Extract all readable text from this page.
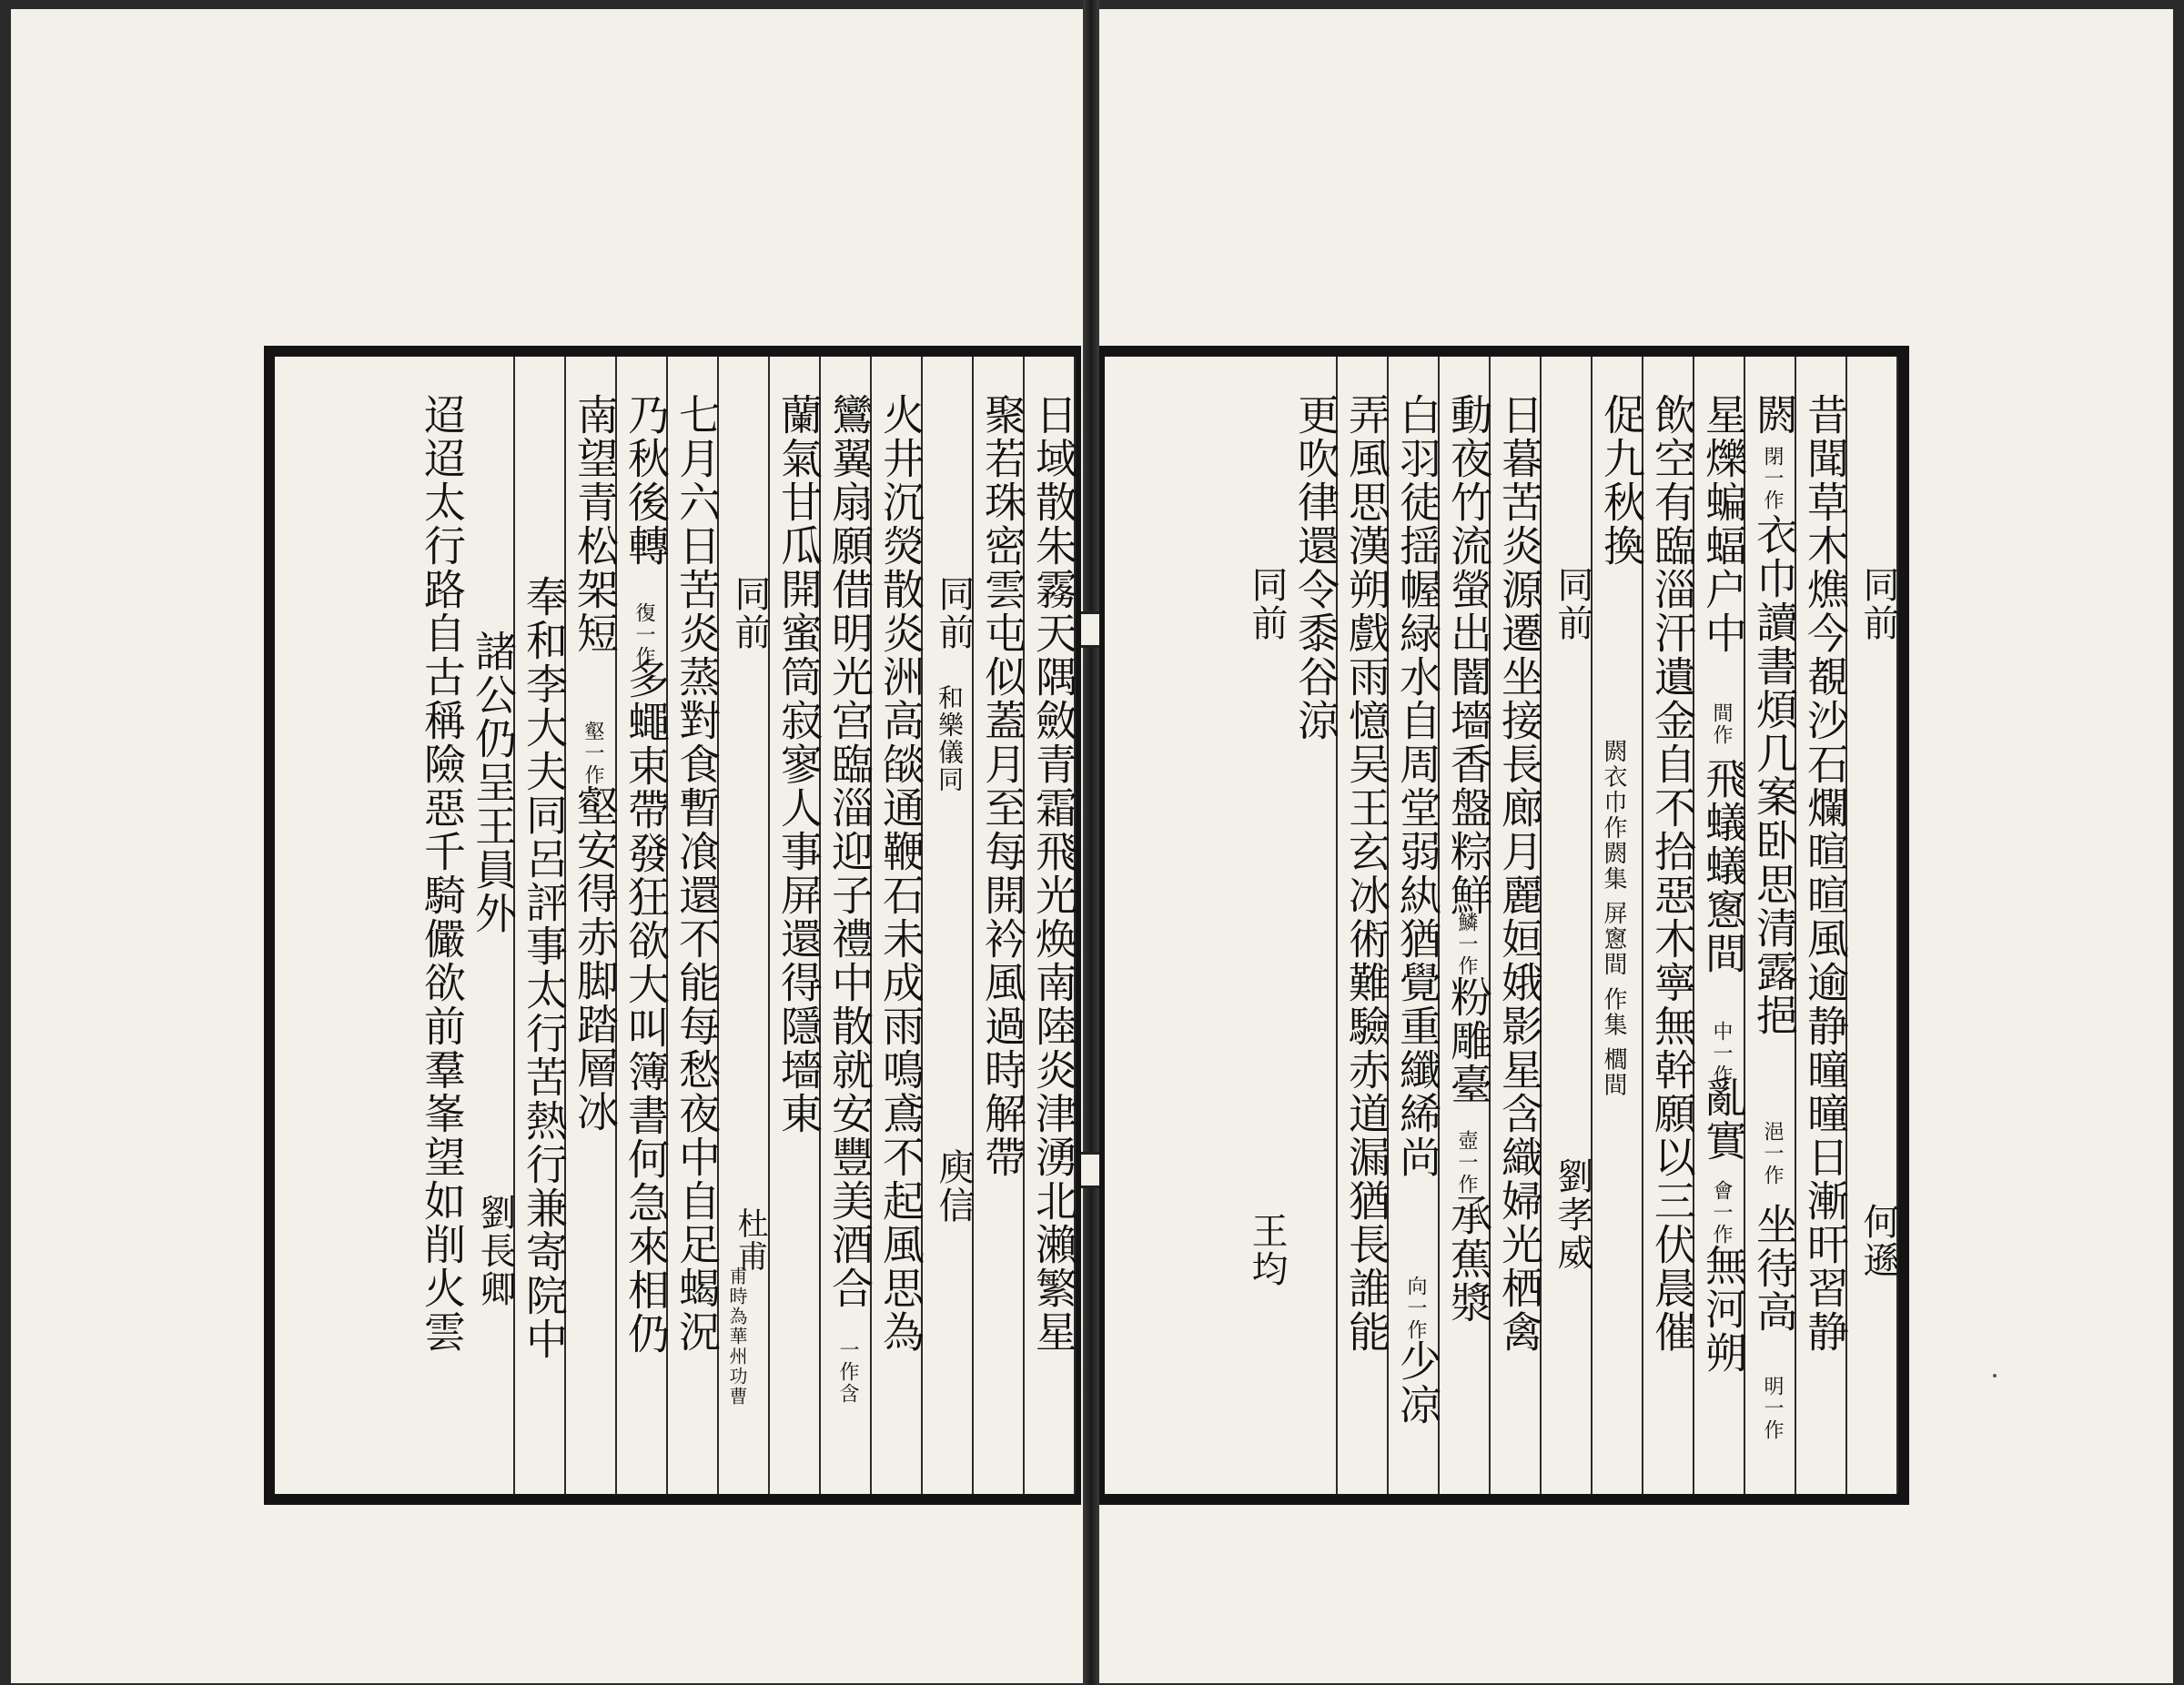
同前
何遜
昔聞草木燋今覩沙石爛暄暄風逾静曈曈日漸旰習静
閼
閉一作
衣巾讀書煩几案卧思清露挹
浥一作
坐待高
明一作
星爍蝙蝠户中
間作
飛蟻蟻窻間
中一作
亂實
會一作
無河朔
飲空有臨淄汗遺金自不拾惡木寧無幹願以三伏晨催
促九秋換
閼衣巾作閼集 屏窻間 作集 櫚間
同前
劉孝威
日暮苦炎源遷坐接長廊月麗姮娥影星含織婦光栖禽
動夜竹流螢出闇墻香盤粽鮮
鱗一作
粉雕臺
壺一作
承蕉漿
白羽徒揺幄緑水自周堂弱紈猶覺重纖絺尚
向一作
少凉
弄風思漢朔戲雨憶吴王玄冰術難驗赤道漏猶長誰能
更吹律還令黍谷涼
同前
王均
日域散朱霧天隅斂青霜飛光焕南陸炎津湧北瀨繁星
聚若珠密雲屯似蓋月至每開衿風過時解帶
同前
和樂儀同
庾信
火井沉熒散炎洲高燄通鞭石未成雨鳴鳶不起風思為
鸞翼扇願借明光宫臨淄迎子禮中散就安豐美酒合
一作含
蘭氣甘瓜開蜜筒寂寥人事屏還得隱墻東
同前
杜甫
甫時為華州功曹
七月六日苦炎蒸對食暫飡還不能每愁夜中自足蝎況
乃秋後轉
復一作
多蠅束帶發狂欲大叫簿書何急來相仍
南望青松架短
壑一作
壑安得赤脚踏層冰
奉和李大夫同呂評事太行苦熱行兼寄院中
諸公仍呈王員外
劉長卿
迢迢太行路自古稱險惡千騎儼欲前羣峯望如削火雲
